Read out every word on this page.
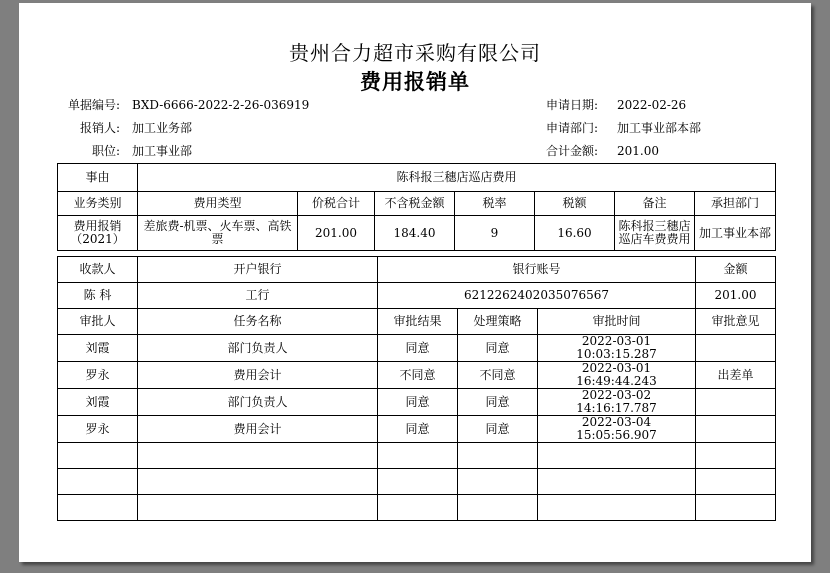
贵州合力超市采购有限公司
费用报销单
单据编号: BXD-6666-2022-2-26-036919
报销人: 加工业务部
职位: 加工事业部
申请日期: 2022-02-26
申请部门: 加工事业部本部
合计金额: 201.00
事由	陈科报三穗店巡店费用						
业务类别	费用类型	价税合计	不含税金额	税率	税额	备注	承担部门
费用报销（2021）	差旅费-机票、火车票、高铁票	201.00	184.40	9	16.60	陈科报三穗店巡店车费费用	加工事业本部
收款人	开户银行	银行账号			金额
陈 科	工行	6212262402035076567			201.00
审批人	任务名称	审批结果	处理策略	审批时间	审批意见
刘霞	部门负责人	同意	同意	2022-03-01 10:03:15.287	
罗永	费用会计	不同意	不同意	2022-03-01 16:49:44.243	出差单
刘霞	部门负责人	同意	同意	2022-03-02 14:16:17.787	
罗永	费用会计	同意	同意	2022-03-04 15:05:56.907	
